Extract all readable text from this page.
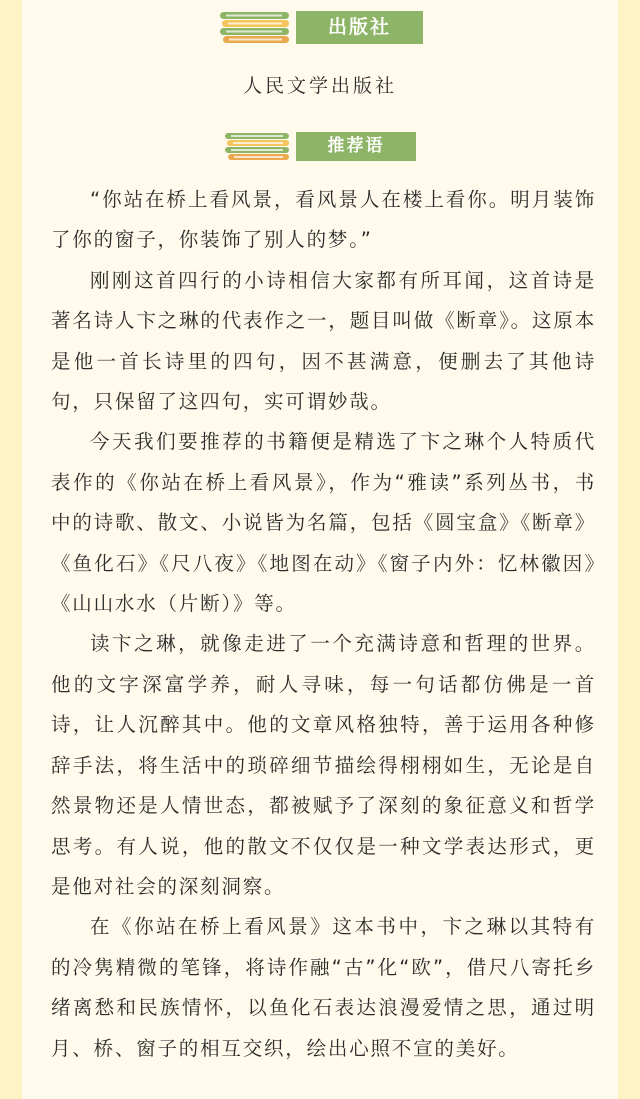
出版社
人民文学出版社
推荐语

“你站在桥上看风景，看风景人在楼上看你。明月装饰了你的窗子，你装饰了别人的梦。”

刚刚这首四行的小诗相信大家都有所耳闻，这首诗是著名诗人卞之琳的代表作之一，题目叫做《断章》。这原本是他一首长诗里的四句，因不甚满意，便删去了其他诗句，只保留了这四句，实可谓妙哉。

今天我们要推荐的书籍便是精选了卞之琳个人特质代表作的《你站在桥上看风景》，作为“雅读”系列丛书，书中的诗歌、散文、小说皆为名篇，包括《圆宝盒》《断章》《鱼化石》《尺八夜》《地图在动》《窗子内外：忆林徽因》《山山水水（片断）》等。

读卞之琳，就像走进了一个充满诗意和哲理的世界。他的文字深富学养，耐人寻味，每一句话都仿佛是一首诗，让人沉醉其中。他的文章风格独特，善于运用各种修辞手法，将生活中的琐碎细节描绘得栩栩如生，无论是自然景物还是人情世态，都被赋予了深刻的象征意义和哲学思考。有人说，他的散文不仅仅是一种文学表达形式，更是他对社会的深刻洞察。

在《你站在桥上看风景》这本书中，卞之琳以其特有的冷隽精微的笔锋，将诗作融“古”化“欧”，借尺八寄托乡绪离愁和民族情怀，以鱼化石表达浪漫爱情之思，通过明月、桥、窗子的相互交织，绘出心照不宣的美好。
